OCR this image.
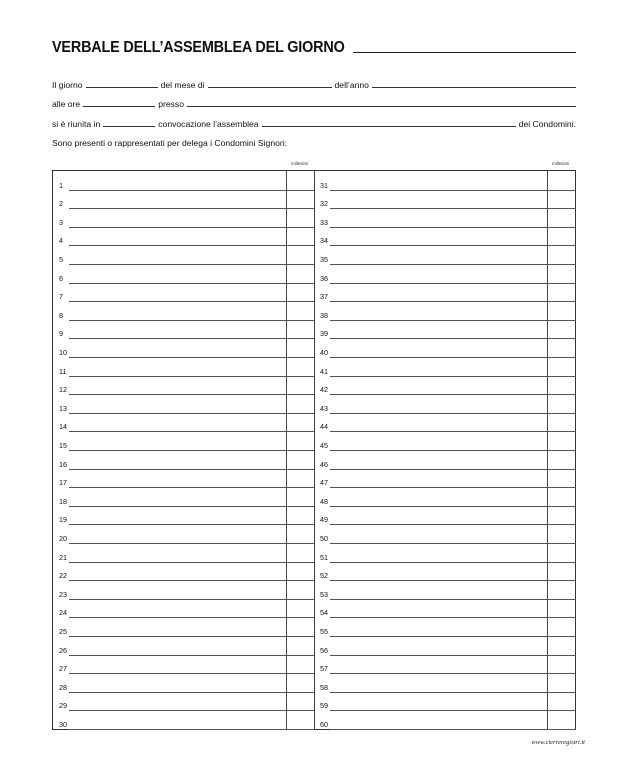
VERBALE DELL’ASSEMBLEA DEL GIORNO
Il giorno	del mese di	dell’anno
alle ore	presso
si è riunita in	convocazione l’assemblea	dei Condomini.
Sono presenti o rappresentati per delega i Condomini Signori:
millesimi	millesimi
1
2
3
4
5
6
7
8
9
10
11
12
13
14
15
16
17
18
19
20
21
22
23
24
25
26
27
28
29
30
31
32
33
34
35
36
37
38
39
40
41
42
43
44
45
46
47
48
49
50
51
52
53
54
55
56
57
58
59
60
www.cierreregistri.it
